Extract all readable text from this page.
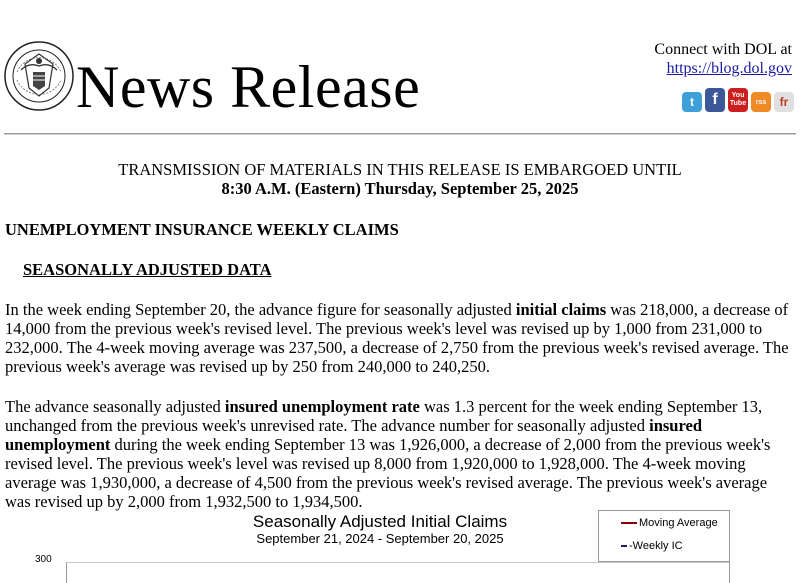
News Release
Connect with DOL at
https://blog.dol.gov
t f	You Tube rss fr
TRANSMISSION OF MATERIALS IN THIS RELEASE IS EMBARGOED UNTIL
8:30 A.M. (Eastern) Thursday, September 25, 2025
UNEMPLOYMENT INSURANCE WEEKLY CLAIMS
SEASONALLY ADJUSTED DATA
In the week ending September 20, the advance figure for seasonally adjusted initial claims was 218,000, a decrease of 14,000 from the previous week's revised level. The previous week's level was revised up by 1,000 from 231,000 to 232,000. The 4-week moving average was 237,500, a decrease of 2,750 from the previous week's revised average. The previous week's average was revised up by 250 from 240,000 to 240,250.
The advance seasonally adjusted insured unemployment rate was 1.3 percent for the week ending September 13, unchanged from the previous week's unrevised rate. The advance number for seasonally adjusted insured unemployment during the week ending September 13 was 1,926,000, a decrease of 2,000 from the previous week's revised level. The previous week's level was revised up 8,000 from 1,920,000 to 1,928,000. The 4-week moving average was 1,930,000, a decrease of 4,500 from the previous week's revised average. The previous week's average was revised up by 2,000 from 1,932,500 to 1,934,500.
Seasonally Adjusted Initial Claims
September 21, 2024 - September 20, 2025
Moving Average
-Weekly IC
300
